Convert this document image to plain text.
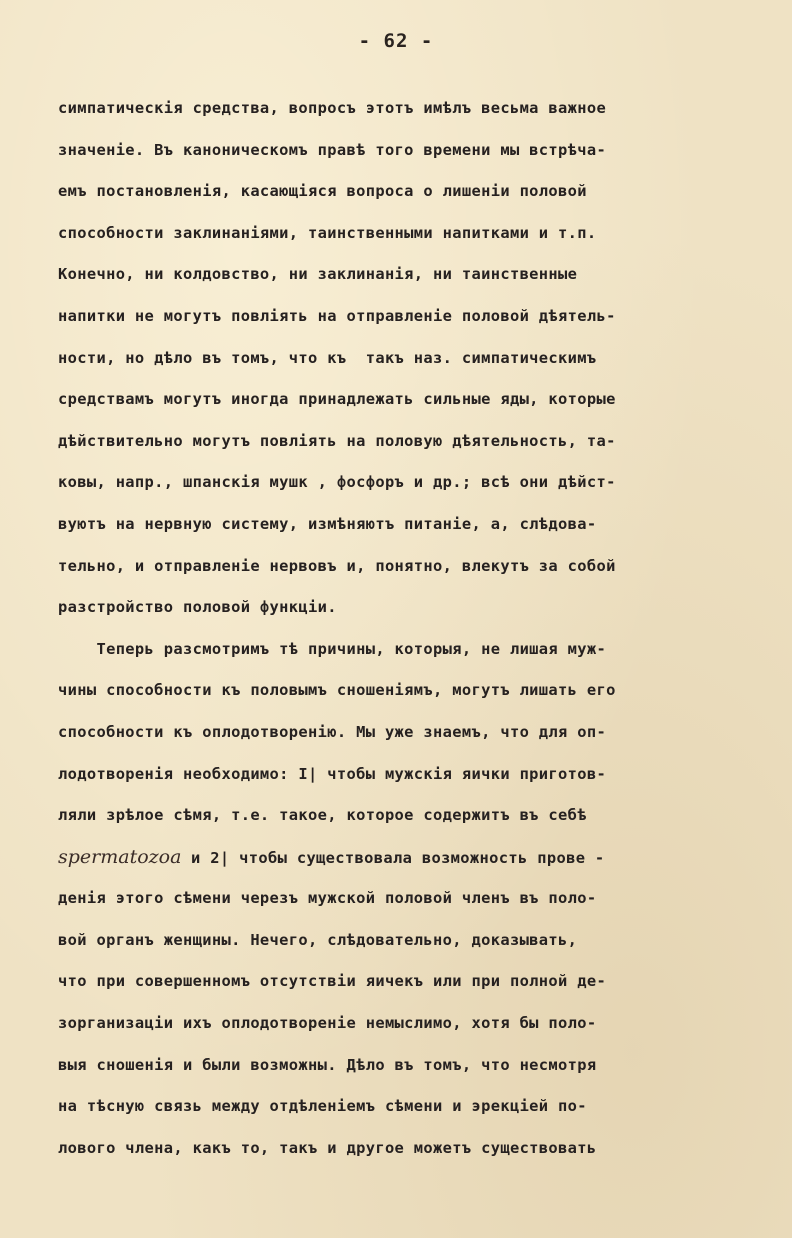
- 62 -
симпатическія средства, вопросъ этотъ имѣлъ весьма важное
значеніе. Въ каноническомъ правѣ того времени мы встрѣча-
емъ постановленія, касающіяся вопроса о лишеніи половой
способности заклинаніями, таинственными напитками и т.п.
Конечно, ни колдовство, ни заклинанія, ни таинственные
напитки не могутъ повліять на отправленіе половой дѣятель-
ности, но дѣло въ томъ, что къ  такъ наз. симпатическимъ
средствамъ могутъ иногда принадлежать сильные яды, которые
дѣйствительно могутъ повліять на половую дѣятельность, та-
ковы, напр., шпанскія мушк , фосфоръ и др.; всѣ они дѣйст-
вуютъ на нервную систему, измѣняютъ питаніе, а, слѣдова-
тельно, и отправленіе нервовъ и, понятно, влекутъ за собой
разстройство половой функціи.
Теперь разсмотримъ тѣ причины, которыя, не лишая муж-
чины способности къ половымъ сношеніямъ, могутъ лишать его
способности къ оплодотворенію. Мы уже знаемъ, что для оп-
лодотворенія необходимо: I| чтобы мужскія яички приготов-
ляли зрѣлое сѣмя, т.е. такое, которое содержитъ въ себѣ
spermatozoa и 2| чтобы существовала возможность прове -
денія этого сѣмени черезъ мужской половой членъ въ поло-
вой органъ женщины. Нечего, слѣдовательно, доказывать,
что при совершенномъ отсутствіи яичекъ или при полной де-
зорганизаціи ихъ оплодотвореніе немыслимо, хотя бы поло-
выя сношенія и были возможны. Дѣло въ томъ, что несмотря
на тѣсную связь между отдѣленіемъ сѣмени и эрекціей по-
лового члена, какъ то, такъ и другое можетъ существовать
